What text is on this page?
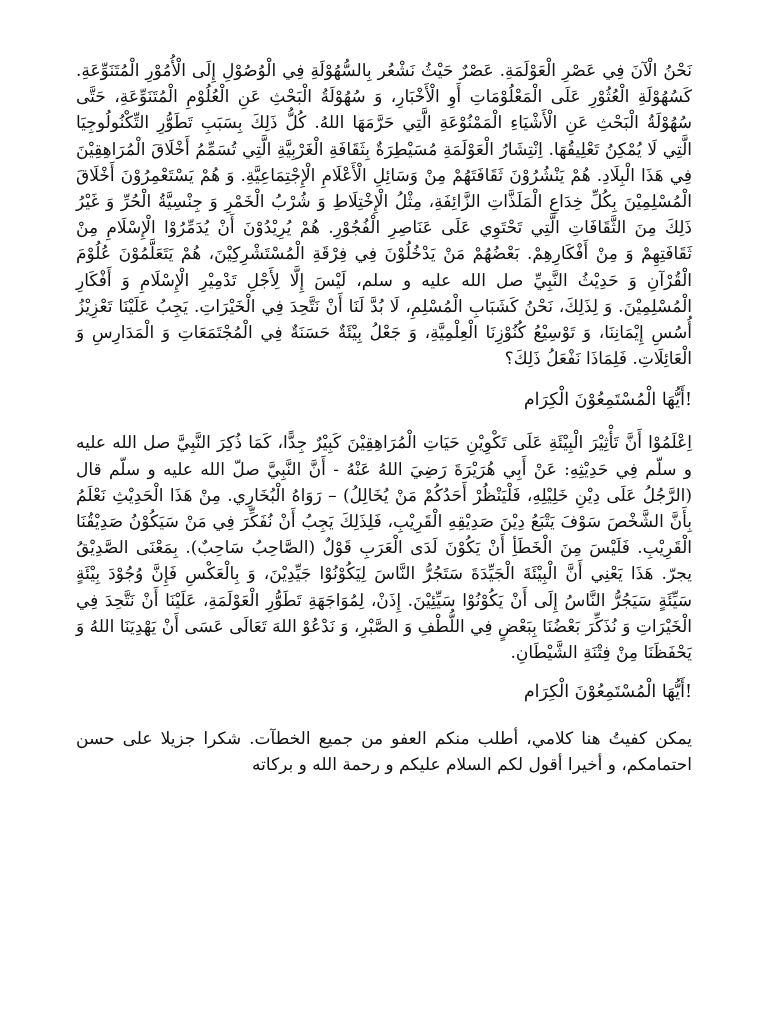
نَحْنُ الْآنَ فِي عَصْرِ الْعَوْلَمَةِ. عَصْرٌ حَيْثُ نَشْعُر بِالسُّهُوْلَةِ فِي الْوُصُوْلِ إِلَى الْأُمُوْرِ الْمُتَنَوِّعَةِ. كَسُهُوْلَةِ الْعُثُوْرِ عَلَى الْمَعْلُوْمَاتِ أَوِ الْأَخْبَارِ، وَ سُهُوْلَةُ الْبَحْثِ عَنِ الْعُلُوْمِ الْمُتَنَوِّعَةِ، حَتَّى سُهُوْلَةُ الْبَحْثِ عَنِ الْأَشْيَاءِ الْمَمْنُوْعَةِ الَّتِي حَرَّمَهَا اللهُ. كُلُّ ذَلِكَ بِسَبَبِ تَطَوُّرِ التِّكْنُولُوجِيَا الَّتِي لَا يُمْكِنُ تَعْلِيقُهَا. اِنْتِشَارُ الْعَوْلَمَةِ مُسَيْطِرَةٌ بِثَقَافَةِ الْغَرْبِيَّةِ الَّتِي تُسَمِّمُ أَخْلَاقَ الْمُرَاهِقِيْنَ فِي هَذَا الْبِلَادِ. هُمْ يَنْشُرُوْنَ ثَقَافَتَهُمْ مِنْ وَسَائِلِ الْأَعْلَامِ الْإِجْتِمَاعِيَّةِ. وَ هُمْ يَسْتَعْمِرُوْنَ أَخْلَاقَ الْمُسْلِمِيْنَ بِكُلِّ خِدَاعِ الْمَلَذَّاتِ الزَّائِفَةِ، مِثْلُ الْإِخْتِلَاطِ وَ شُرْبُ الْخَمْرِ وَ جِنْسِيَّةُ الْحُرِّ وَ غَيْرُ ذَلِكَ مِنَ الثَّقَافَاتِ الَّتِي تَحْتَوِي عَلَى عَنَاصِرِ الْفُجُوْرِ. هُمْ يُرِيْدُوْنَ أَنْ يُدَمِّرُوْا الْإِسْلَامِ مِنْ ثَقَافَتِهِمْ وَ مِنْ أَفْكَارِهِمْ. بَعْضُهُمْ مَنْ يَدْخُلُوْنَ فِي فِرْقَةِ الْمُسْتَشْرِكِيْنَ، هُمْ يَتَعَلَّمُوْنَ عُلُوْمَ الْقُرْآنِ وَ حَدِيْثُ النَّبِيِّ صل الله عليه و سلم، لَيْسَ إِلَّا لِأَجْلِ تَدْمِيْرِ الْإِسْلَامِ وَ أَفْكَارِ الْمُسْلِمِيْنَ. وَ لِذَلِكَ، نَحْنُ كَشَبَابِ الْمُسْلِمِ، لَا بُدَّ لَنَا أَنْ نَتَّحِدَ فِي الْخَيْرَاتِ. يَجِبُ عَلَيْنَا تَعْزِيْزُ أُسُسِ إِيْمَانِنَا، وَ تَوْسِيْعُ كُنُوْزِنَا الْعِلْمِيَّةِ، وَ جَعْلُ بِيْئَةٌ حَسَنَةٌ فِي الْمُجْتَمَعَاتِ وَ الْمَدَارِسِ وَ الْعَائِلَاتِ. فَلِمَاذَا نَفْعَلُ ذَلِكَ؟

!أَيُّهَا الْمُسْتَمِعُوْنَ الْكِرَام

اِعْلَمُوْا أَنَّ تَأْثِيْرَ الْبِيْئَةِ عَلَى تَكْوِيْنِ حَيَاتِ الْمُرَاهِقِيْنَ كَبِيْرٌ جِدًّا، كَمَا ذُكِرَ النَّبِيَّ صل الله عليه و سلّم فِي حَدِيْثِهِ: عَنْ أَبِي هُرَيْرَةَ رَضِيَ اللهُ عَنْهُ - أَنَّ النَّبِيَّ صلّ الله عليه و سلّم قال (الرَّجُلُ عَلَى دِيْنِ خَلِيْلِهِ، فَلْيَنْظُرْ أَحَدُكُمْ مَنْ يُخَالِلُ) – رَوَاهُ الْبُخَارِي. مِنْ هَذَا الْحَدِيْثِ نَعْلَمُ بِأَنَّ الشَّخْصَ سَوْفَ يَتْبَعُ دِيْنَ صَدِيْقِهِ الْقَرِيْبِ، فَلِذَلِكَ يَجِبُ أَنْ نُفَكِّرَ فِي مَنْ سَيَكُوْنُ صَدِيْقُنَا الْقَرِيْبِ. فَلَيْسَ مِنَ الْخَطَأِ أَنْ يَكُوْنَ لَدَى الْعَرَبِ قَوْلٌ (الصَّاحِبُ سَاحِبٌ). بِمَعْنَى الصَّدِيْقُ يجرّ. هَذَا يَعْنِي أَنَّ الْبِيْئَةَ الْجَيِّدَةَ سَتَجُرُّ النَّاسَ لِيَكُوْنُوْا جَيِّدِيْنَ، وَ بِالْعَكْسِ فَإِنَّ وُجُوْدَ بِيْئَةٍ سَيِّئَةٍ سَيَجُرُّ النَّاسُ إِلَى أَنْ يَكُوْنُوْا سَيِّئِيْنَ. إِذَنْ، لِمُوَاجَهَةِ تَطَوُّرِ الْعَوْلَمَةِ، عَلَيْنَا أَنْ نَتَّحِدَ فِي الْخَيْرَاتِ وَ نُذَكِّرَ بَعْضُنَا بِبَعْضٍ فِي اللُّطْفِ وَ الصَّبْرِ، وَ نَدْعُوْ اللهَ تَعَالَى عَسَى أَنْ يَهْدِيَنَا اللهُ وَ يَحْفَظَنَا مِنْ فِتْنَةِ الشَّيْطَانِ.

!أَيُّهَا الْمُسْتَمِعُوْنَ الْكِرَام

يمكن كفيتُ هنا كلامي، أطلب منكم العفو من جميع الخطآت. شكرا جزيلا على حسن احتمامكم، و أخيرا أقول لكم السلام عليكم و رحمة الله و بركاته
